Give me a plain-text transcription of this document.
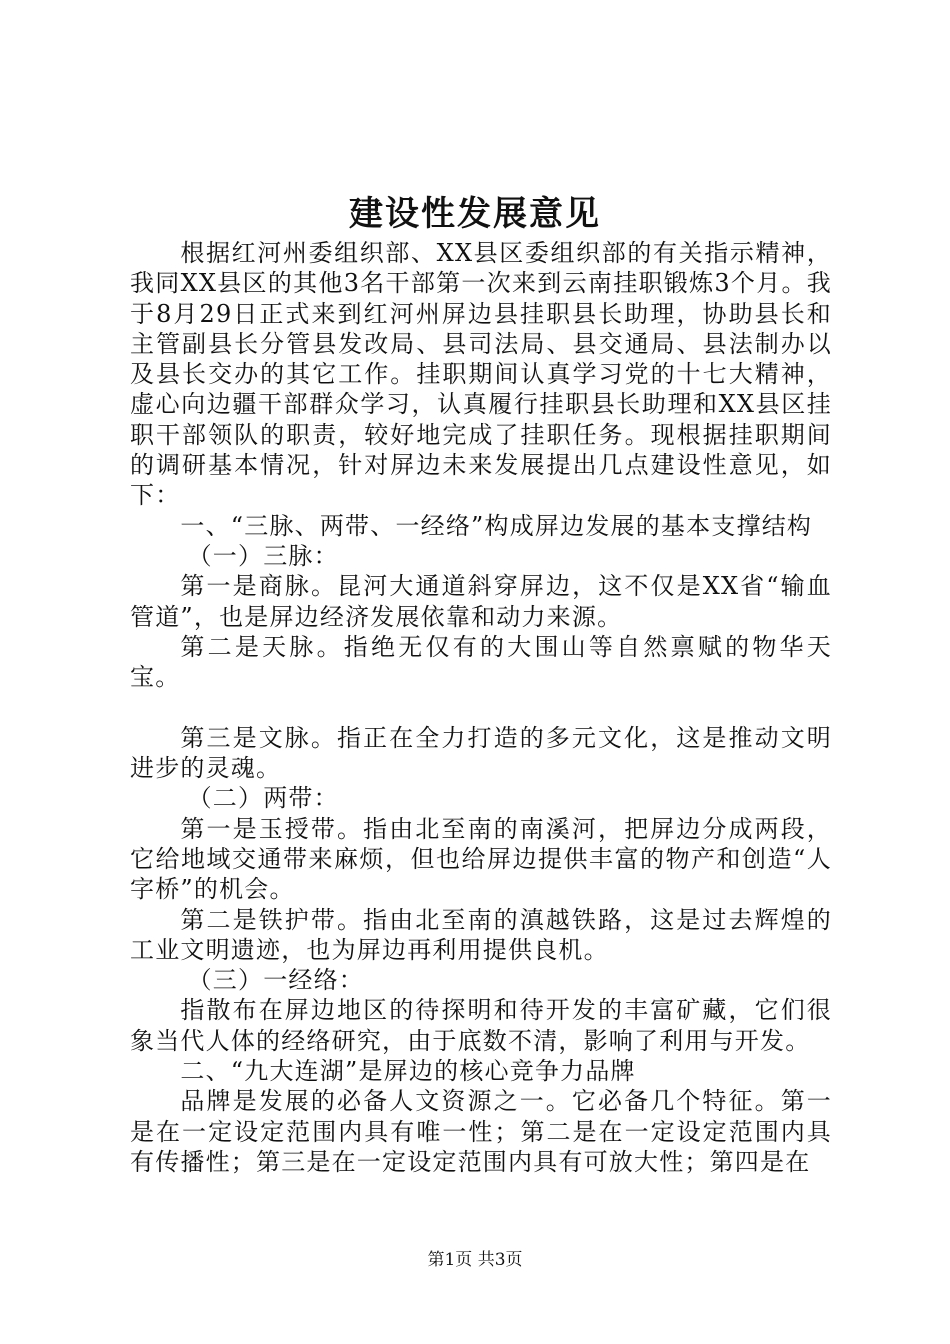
建设性发展意见

根据红河州委组织部、XX县区委组织部的有关指示精神，我同XX县区的其他3名干部第一次来到云南挂职锻炼3个月。我于8月29日正式来到红河州屏边县挂职县长助理，协助县长和主管副县长分管县发改局、县司法局、县交通局、县法制办以及县长交办的其它工作。挂职期间认真学习党的十七大精神，虚心向边疆干部群众学习，认真履行挂职县长助理和XX县区挂职干部领队的职责，较好地完成了挂职任务。现根据挂职期间的调研基本情况，针对屏边未来发展提出几点建设性意见，如下：

一、“三脉、两带、一经络”构成屏边发展的基本支撑结构

（一）三脉：

第一是商脉。昆河大通道斜穿屏边，这不仅是XX省“输血管道”，也是屏边经济发展依靠和动力来源。

第二是天脉。指绝无仅有的大围山等自然禀赋的物华天宝。

第三是文脉。指正在全力打造的多元文化，这是推动文明进步的灵魂。

（二）两带：

第一是玉授带。指由北至南的南溪河，把屏边分成两段，它给地域交通带来麻烦，但也给屏边提供丰富的物产和创造“人字桥”的机会。

第二是铁护带。指由北至南的滇越铁路，这是过去辉煌的工业文明遗迹，也为屏边再利用提供良机。

（三）一经络：

指散布在屏边地区的待探明和待开发的丰富矿藏，它们很象当代人体的经络研究，由于底数不清，影响了利用与开发。

二、“九大连湖”是屏边的核心竞争力品牌

品牌是发展的必备人文资源之一。它必备几个特征。第一是在一定设定范围内具有唯一性；第二是在一定设定范围内具有传播性；第三是在一定设定范围内具有可放大性；第四是在

第1页 共3页
